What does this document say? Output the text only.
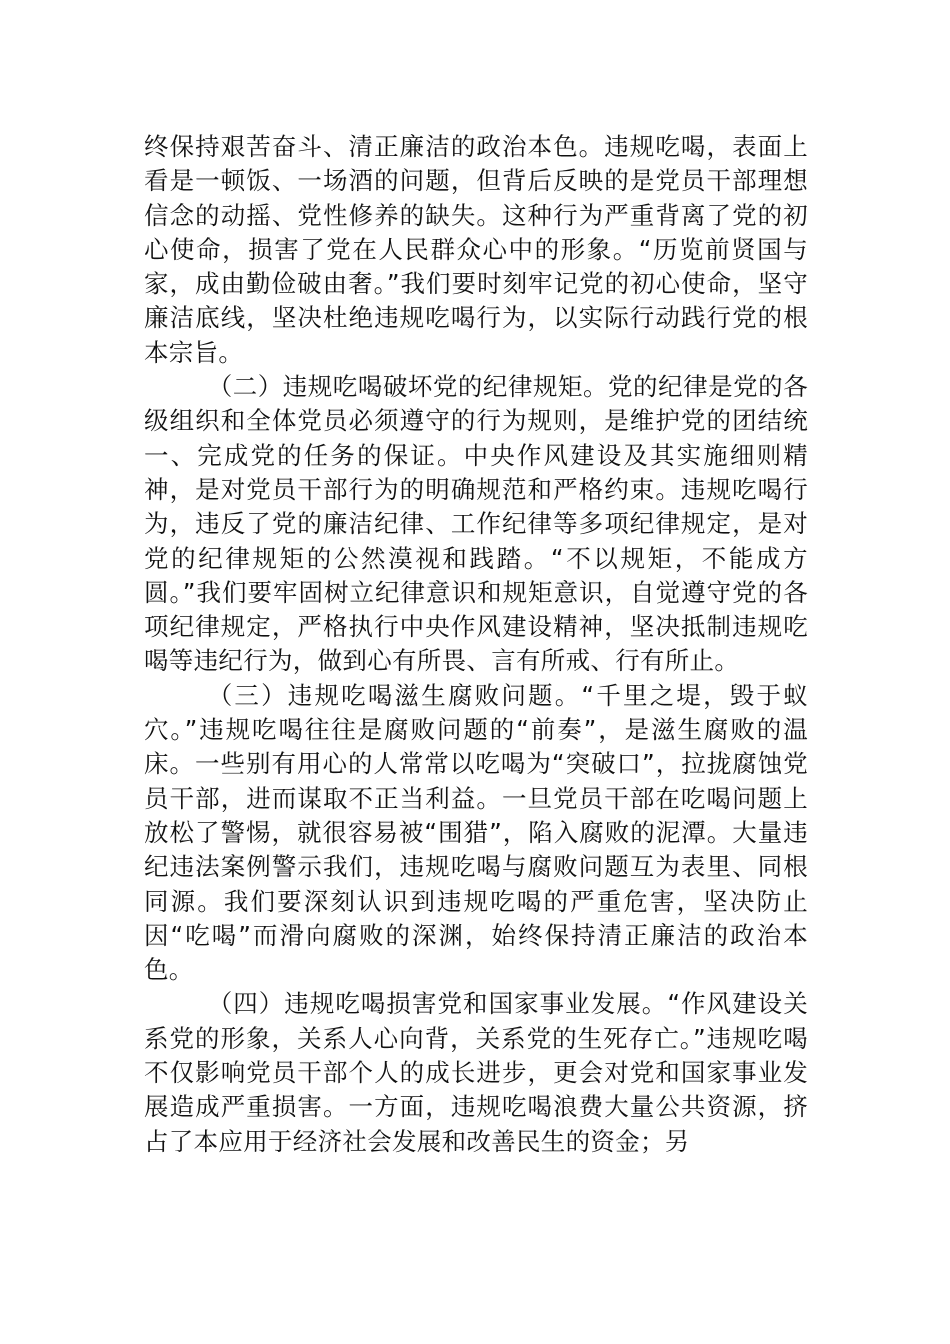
终保持艰苦奋斗、清正廉洁的政治本色。违规吃喝，表面上看是一顿饭、一场酒的问题，但背后反映的是党员干部理想信念的动摇、党性修养的缺失。这种行为严重背离了党的初心使命，损害了党在人民群众心中的形象。“历览前贤国与家，成由勤俭破由奢。”我们要时刻牢记党的初心使命，坚守廉洁底线，坚决杜绝违规吃喝行为，以实际行动践行党的根本宗旨。

（二）违规吃喝破坏党的纪律规矩。党的纪律是党的各级组织和全体党员必须遵守的行为规则，是维护党的团结统一、完成党的任务的保证。中央作风建设及其实施细则精神，是对党员干部行为的明确规范和严格约束。违规吃喝行为，违反了党的廉洁纪律、工作纪律等多项纪律规定，是对党的纪律规矩的公然漠视和践踏。“不以规矩，不能成方圆。”我们要牢固树立纪律意识和规矩意识，自觉遵守党的各项纪律规定，严格执行中央作风建设精神，坚决抵制违规吃喝等违纪行为，做到心有所畏、言有所戒、行有所止。

（三）违规吃喝滋生腐败问题。“千里之堤，毁于蚁穴。”违规吃喝往往是腐败问题的“前奏”，是滋生腐败的温床。一些别有用心的人常常以吃喝为“突破口”，拉拢腐蚀党员干部，进而谋取不正当利益。一旦党员干部在吃喝问题上放松了警惕，就很容易被“围猎”，陷入腐败的泥潭。大量违纪违法案例警示我们，违规吃喝与腐败问题互为表里、同根同源。我们要深刻认识到违规吃喝的严重危害，坚决防止因“吃喝”而滑向腐败的深渊，始终保持清正廉洁的政治本色。

（四）违规吃喝损害党和国家事业发展。“作风建设关系党的形象，关系人心向背，关系党的生死存亡。”违规吃喝不仅影响党员干部个人的成长进步，更会对党和国家事业发展造成严重损害。一方面，违规吃喝浪费大量公共资源，挤占了本应用于经济社会发展和改善民生的资金；另
